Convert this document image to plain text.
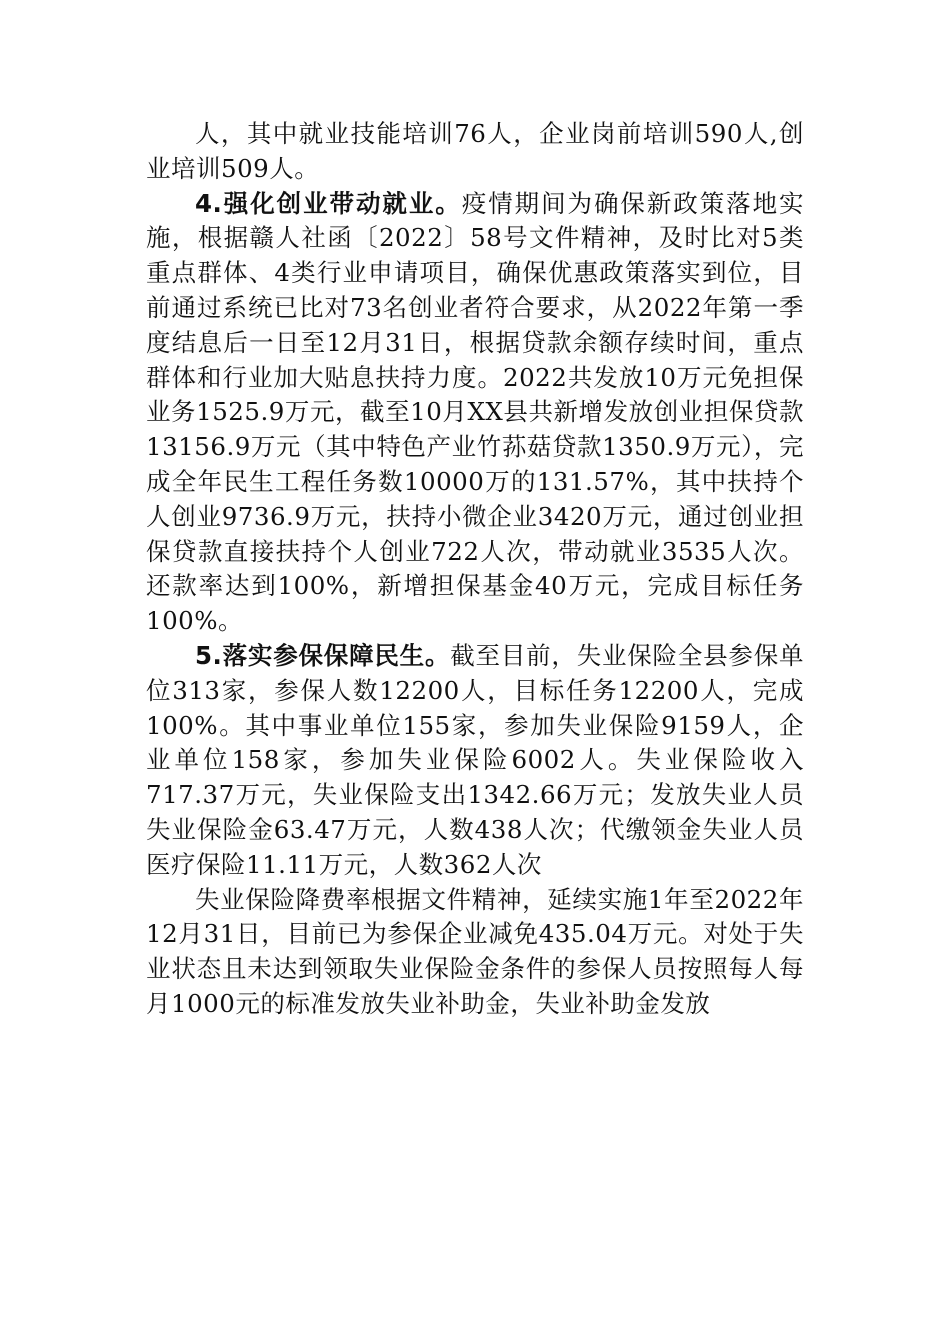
人，其中就业技能培训76人，企业岗前培训590人,创业培训509人。

4.强化创业带动就业。疫情期间为确保新政策落地实施，根据赣人社函〔2022〕58号文件精神，及时比对5类重点群体、4类行业申请项目，确保优惠政策落实到位，目前通过系统已比对73名创业者符合要求，从2022年第一季度结息后一日至12月31日，根据贷款余额存续时间，重点群体和行业加大贴息扶持力度。2022共发放10万元免担保业务1525.9万元，截至10月XX县共新增发放创业担保贷款13156.9万元（其中特色产业竹荪菇贷款1350.9万元），完成全年民生工程任务数10000万的131.57%，其中扶持个人创业9736.9万元，扶持小微企业3420万元，通过创业担保贷款直接扶持个人创业722人次，带动就业3535人次。还款率达到100%，新增担保基金40万元，完成目标任务100%。

5.落实参保保障民生。截至目前，失业保险全县参保单位313家，参保人数12200人，目标任务12200人，完成100%。其中事业单位155家，参加失业保险9159人，企业单位158家，参加失业保险6002人。失业保险收入717.37万元，失业保险支出1342.66万元；发放失业人员失业保险金63.47万元，人数438人次；代缴领金失业人员医疗保险11.11万元，人数362人次

失业保险降费率根据文件精神，延续实施1年至2022年12月31日，目前已为参保企业减免435.04万元。对处于失业状态且未达到领取失业保险金条件的参保人员按照每人每月1000元的标准发放失业补助金，失业补助金发放
